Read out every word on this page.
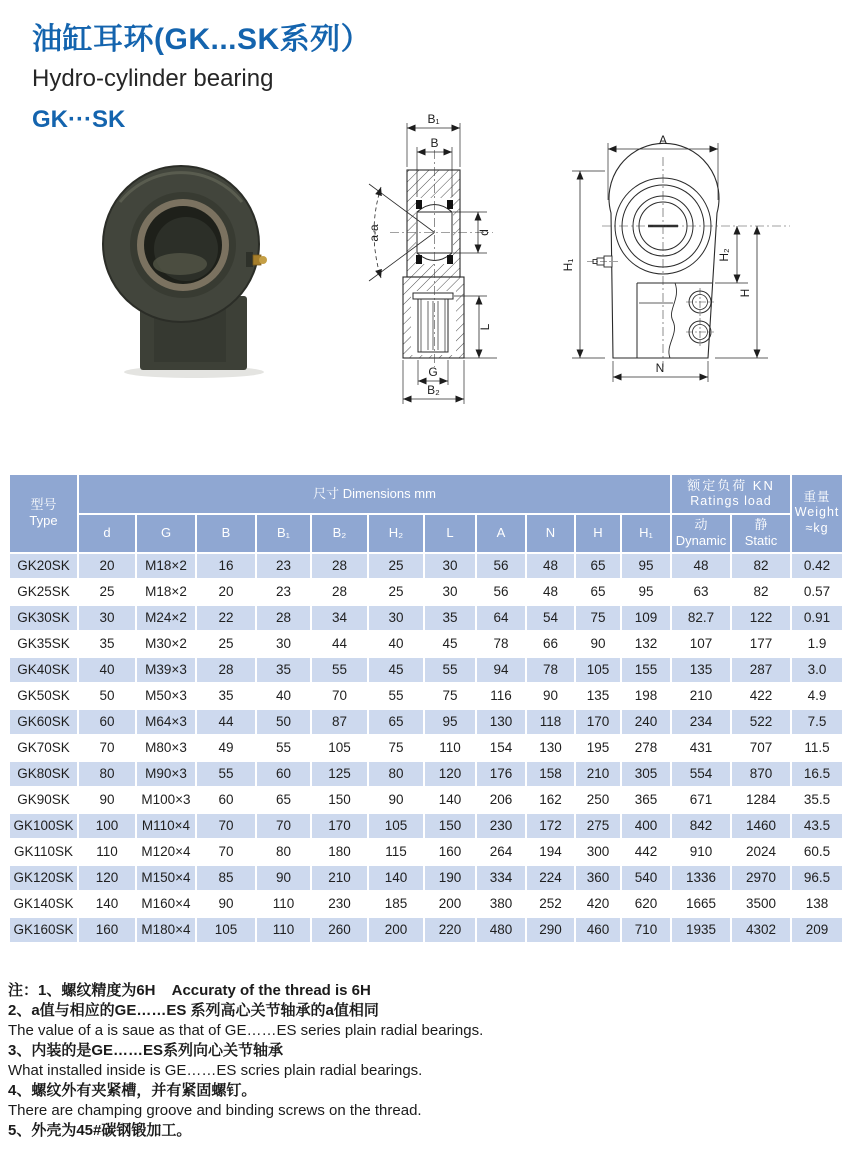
油缸耳环(GK...SK系列）
Hydro-cylinder bearing
GK···SK
a-a
B₁
B
d
L
G
B₂
A
H₁
H₂
H
N
型号
Type	尺寸 Dimensions mm											额定负荷 KN
Ratings load		重量
Weight
≈kg

	d	G	B	B₁	B₂	H₂	L	A	N	H	H₁	动
Dynamic	静
Static	

GK20SK	20	M18×2	16	23	28	25	30	56	48	65	95	48	82	0.42
GK25SK	25	M18×2	20	23	28	25	30	56	48	65	95	63	82	0.57
GK30SK	30	M24×2	22	28	34	30	35	64	54	75	109	82.7	122	0.91
GK35SK	35	M30×2	25	30	44	40	45	78	66	90	132	107	177	1.9
GK40SK	40	M39×3	28	35	55	45	55	94	78	105	155	135	287	3.0
GK50SK	50	M50×3	35	40	70	55	75	116	90	135	198	210	422	4.9
GK60SK	60	M64×3	44	50	87	65	95	130	118	170	240	234	522	7.5
GK70SK	70	M80×3	49	55	105	75	110	154	130	195	278	431	707	11.5
GK80SK	80	M90×3	55	60	125	80	120	176	158	210	305	554	870	16.5
GK90SK	90	M100×3	60	65	150	90	140	206	162	250	365	671	1284	35.5
GK100SK	100	M110×4	70	70	170	105	150	230	172	275	400	842	1460	43.5
GK110SK	110	M120×4	70	80	180	115	160	264	194	300	442	910	2024	60.5
GK120SK	120	M150×4	85	90	210	140	190	334	224	360	540	1336	2970	96.5
GK140SK	140	M160×4	90	110	230	185	200	380	252	420	620	1665	3500	138
GK160SK	160	M180×4	105	110	260	200	220	480	290	460	710	1935	4302	209
注：1、螺纹精度为6H    Accuraty of the thread is 6H
2、a值与相应的GE……ES 系列高心关节轴承的a值相同
The value of a is saue as that of GE……ES series plain radial bearings.
3、内装的是GE……ES系列向心关节轴承
What installed inside is GE……ES scries plain radial bearings.
4、螺纹外有夹紧槽，并有紧固螺钉。
There are champing groove and binding screws on the thread.
5、外壳为45#碳钢锻加工。
